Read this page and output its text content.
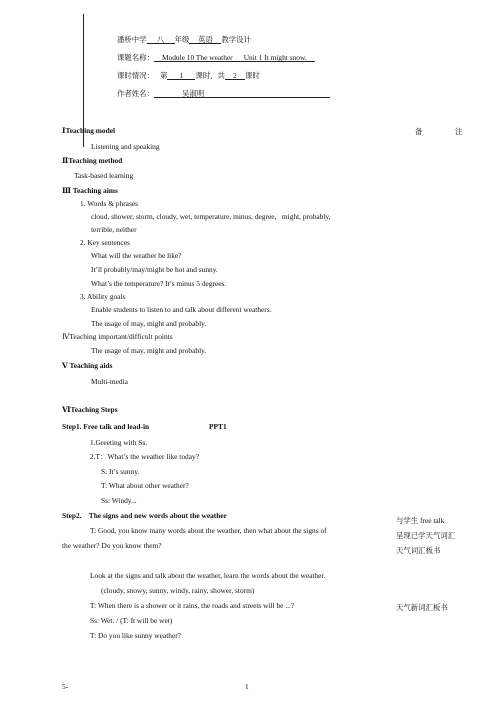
潘桥中学 八 年级 英语 教学设计
课题名称： Module 10 The weather      Unit 1 It might snow.
课时情况： 第 1 课时，共 2 课时
作者姓名：	吴淑明
备	注
ⅠTeaching model
Listening and speaking
ⅡTeaching method
Task-based learning
Ⅲ Teaching aims
1. Words & phrases
cloud, shower, storm, cloudy, wet, temperature, minus, degree,   might, probably,
terrible, neither
2. Key sentences
What will the weather be like?
It’ll probably/may/might be hot and sunny.
What’s the temperature? It’s minus 5 degrees.
3. Ability goals
Enable students to listen to and talk about different weathers.
The usage of may, might and probably.
ⅣTeaching important/difficult points
The usage of may, might and probably.
Ⅴ Teaching aids
Multi-media
ⅥTeaching Steps
Step1. Free talk and lead-in	PPT1
1.Greeting with Ss.
2.T：What’s the weather like today?
S: It’s sunny.
T: What about other weather?
Ss: Windy...
Step2.    The signs and new words about the weather
T: Good, you know many words about the weather, then what about the signs of
the weather? Do you know them?
Look at the signs and talk about the weather, learn the words about the weather.
(cloudy, snowy, sunny, windy, rainy, shower, storm)
T: When there is a shower or it rains, the roads and streets will be ...?
Ss: Wet. / (T: It will be wet)
T: Do you like sunny weather?
与学生 free talk
呈现已学天气词汇
天气词汇板书
天气新词汇板书
5-	1
